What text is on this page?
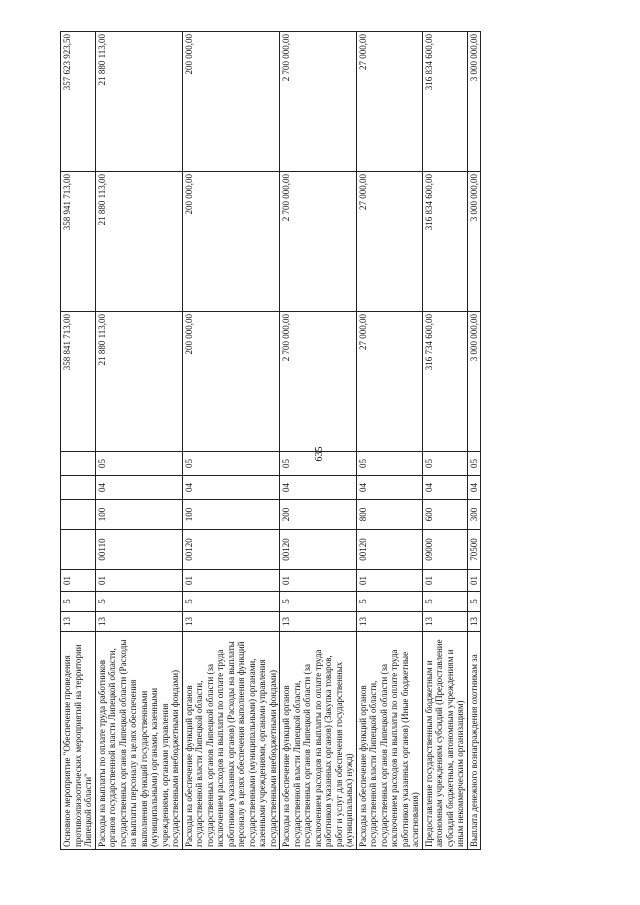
635
Основное мероприятие "Обеспечение проведения противоэпизоотических мероприятий на территории Липецкой области"	13	5	01					358 841 713,00	358 941 713,00	357 623 923,50
Расходы на выплаты по оплате труда работников органов государственной власти Липецкой области, государственных органов Липецкой области (Расходы на выплаты персоналу в целях обеспечения выполнения функций государственными (муниципальными) органами, казенными учреждениями, органами управления государственными внебюджетными фондами)	13	5	01	00110	100	04	05	21 880 113,00	21 880 113,00	21 880 113,00
Расходы на обеспечение функций органов государственной власти Липецкой области, государственных органов Липецкой области (за исключением расходов на выплаты по оплате труда работников указанных органов) (Расходы на выплаты персоналу в целях обеспечения выполнения функций государственными (муниципальными) органами, казенными учреждениями, органами управления государственными внебюджетными фондами)	13	5	01	00120	100	04	05	200 000,00	200 000,00	200 000,00
Расходы на обеспечение функций органов государственной власти Липецкой области, государственных органов Липецкой области (за исключением расходов на выплаты по оплате труда работников указанных органов) (Закупка товаров, работ и услуг для обеспечения государственных (муниципальных) нужд)	13	5	01	00120	200	04	05	2 700 000,00	2 700 000,00	2 700 000,00
Расходы на обеспечение функций органов государственной власти Липецкой области, государственных органов Липецкой области (за исключением расходов на выплаты по оплате труда работников указанных органов) (Иные бюджетные ассигнования)	13	5	01	00120	800	04	05	27 000,00	27 000,00	27 000,00
Предоставление государственным бюджетным и автономным учреждениям субсидий (Предоставление субсидий бюджетным, автономным учреждениям и иным некоммерческим организациям)	13	5	01	09000	600	04	05	316 734 600,00	316 834 600,00	316 834 600,00
Выплата денежного вознаграждения охотникам за	13	5	01	70500	300	04	05	3 000 000,00	3 000 000,00	3 000 000,00
